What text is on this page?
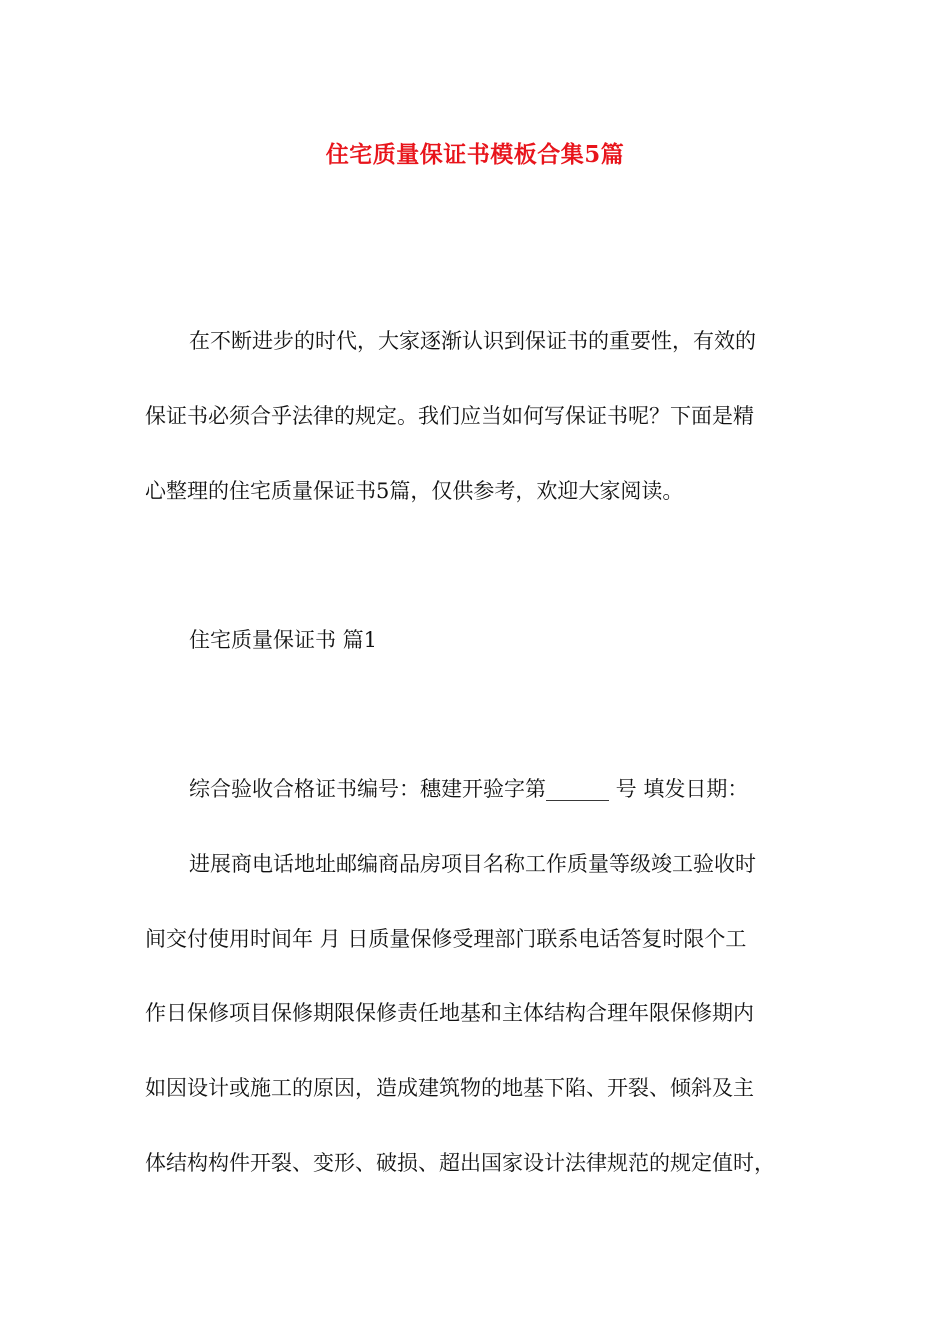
住宅质量保证书模板合集5篇
在不断进步的时代，大家逐渐认识到保证书的重要性，有效的
保证书必须合乎法律的规定。我们应当如何写保证书呢？下面是精
心整理的住宅质量保证书5篇，仅供参考，欢迎大家阅读。
住宅质量保证书 篇1
综合验收合格证书编号：穗建开验字第______ 号 填发日期：
进展商电话地址邮编商品房项目名称工作质量等级竣工验收时
间交付使用时间年 月 日质量保修受理部门联系电话答复时限个工
作日保修项目保修期限保修责任地基和主体结构合理年限保修期内
如因设计或施工的原因，造成建筑物的地基下陷、开裂、倾斜及主
体结构构件开裂、变形、破损、超出国家设计法律规范的规定值时，
